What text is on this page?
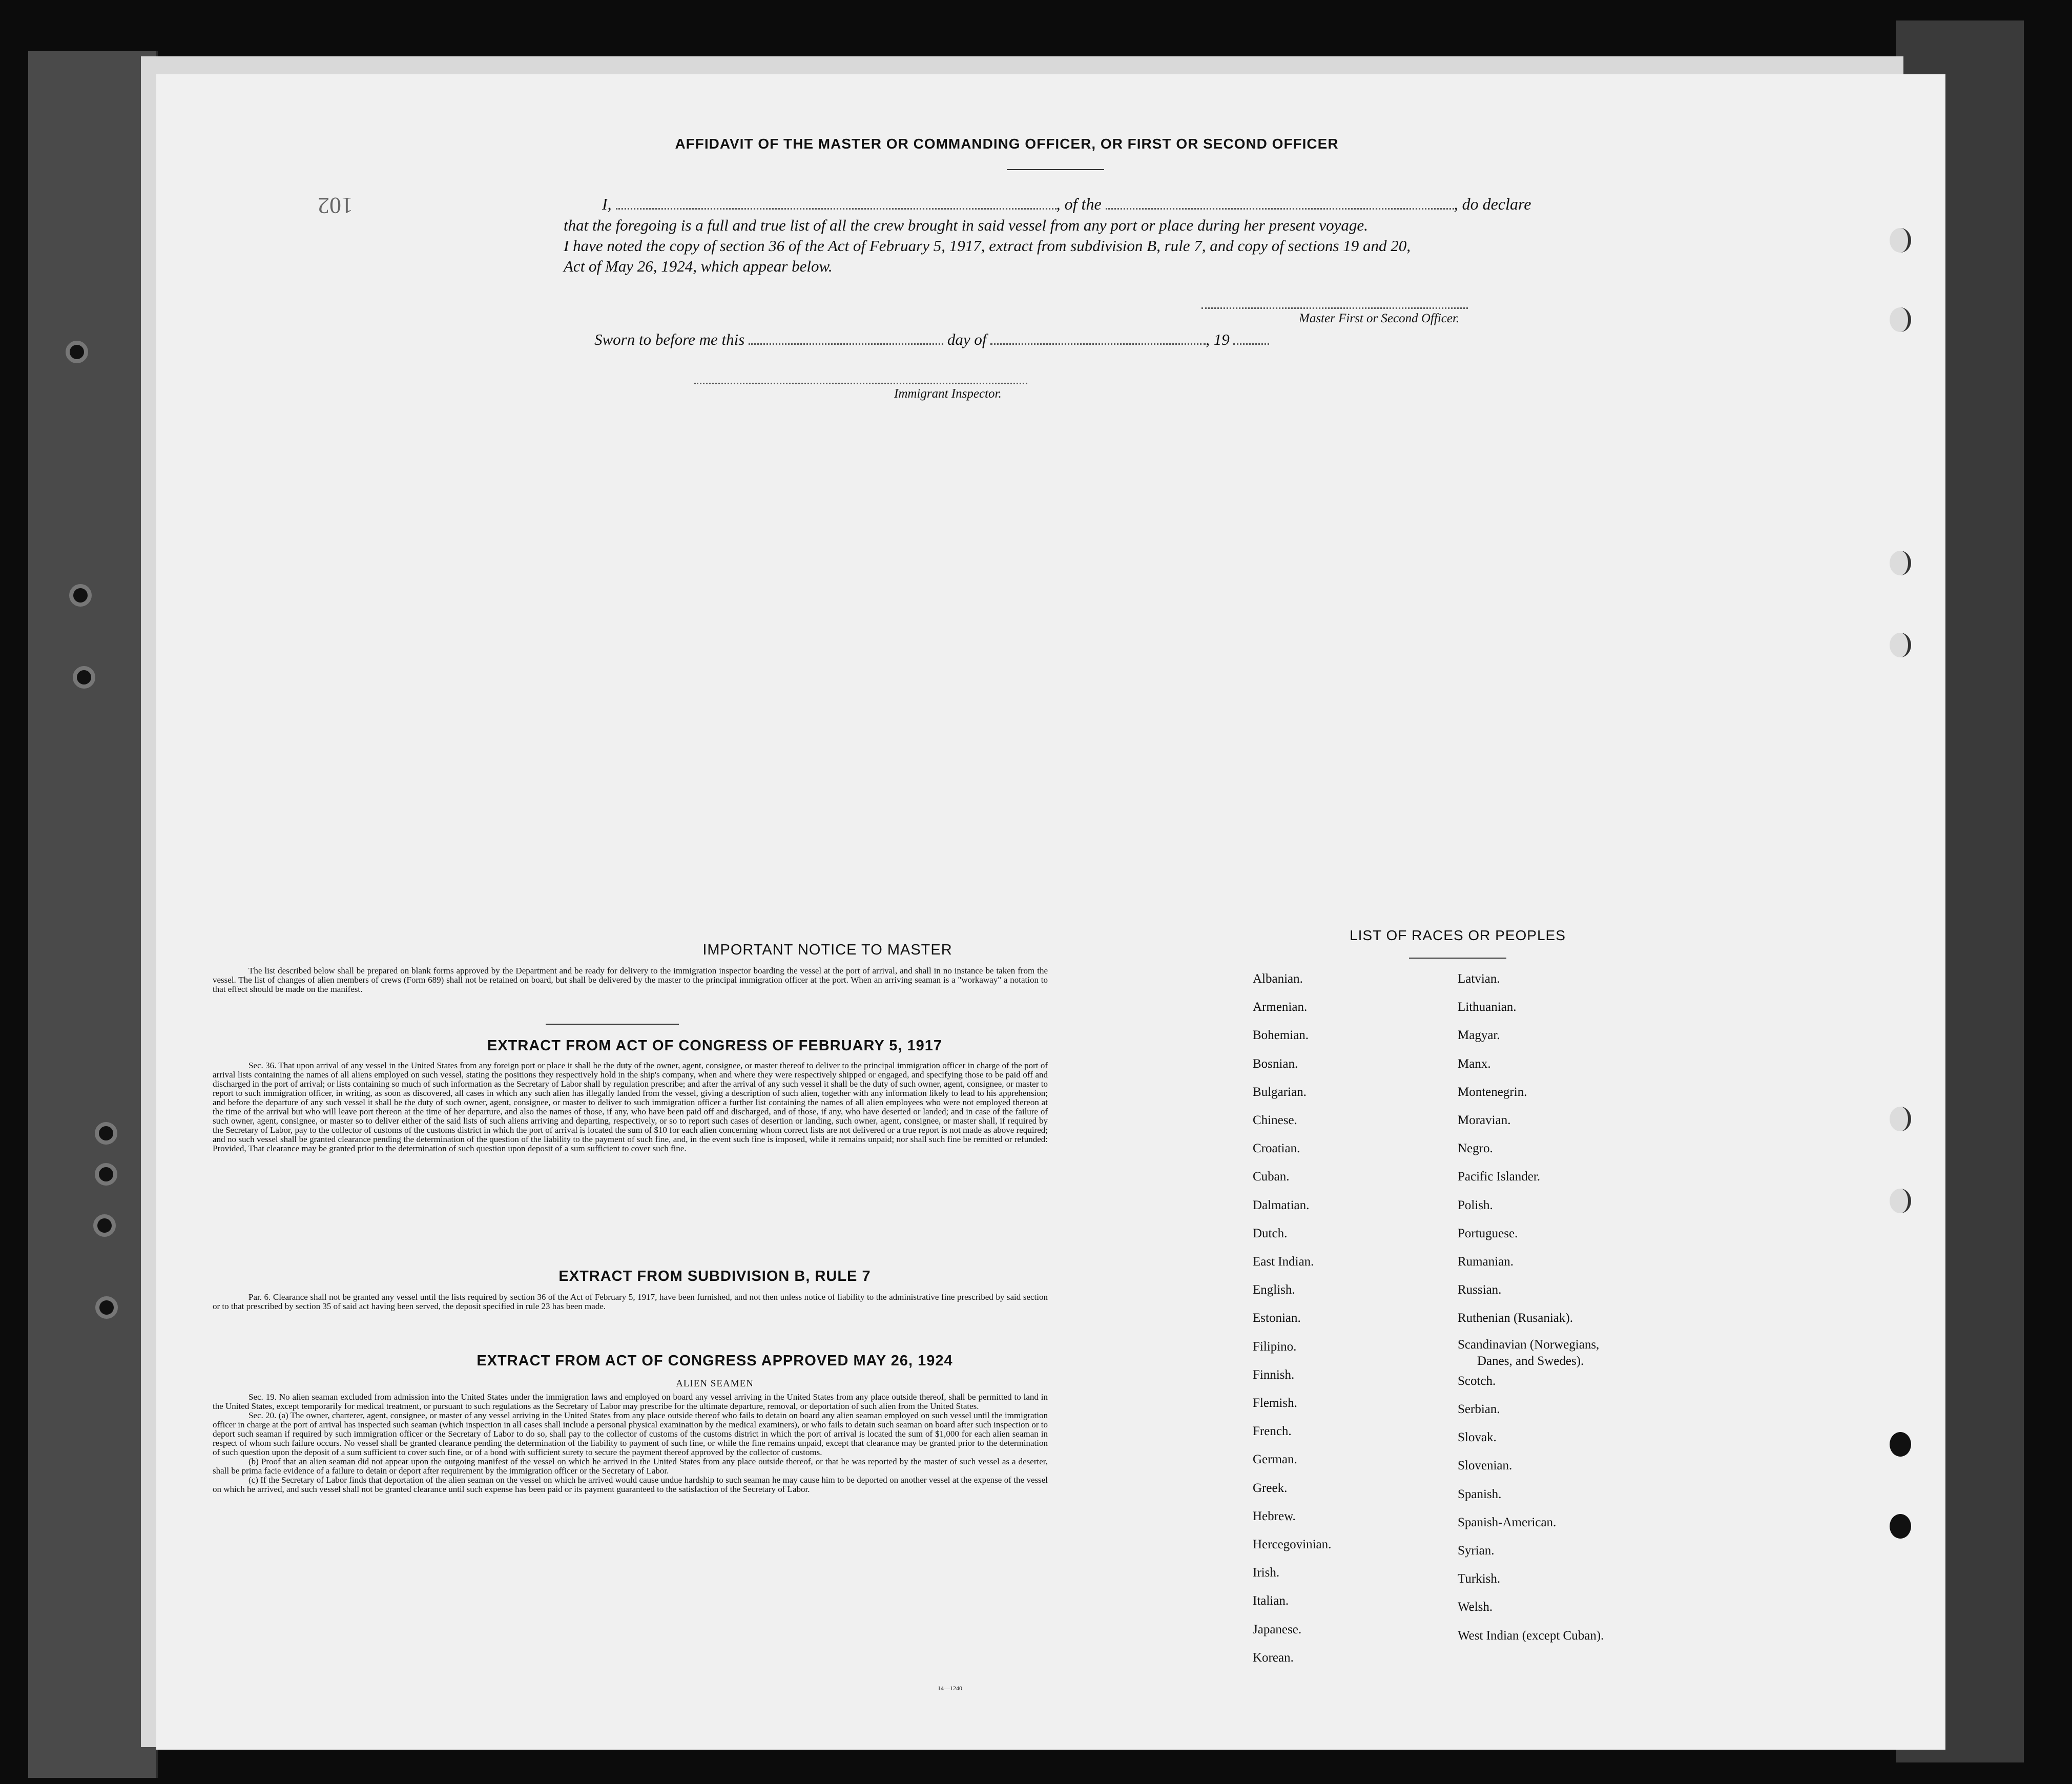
102
AFFIDAVIT OF THE MASTER OR COMMANDING OFFICER, OR FIRST OR SECOND OFFICER
I,	, of the	, do declare
that the foregoing is a full and true list of all the crew brought in said vessel from any port or place during her present voyage.
I have noted the copy of section 36 of the Act of February 5, 1917, extract from subdivision B, rule 7, and copy of sections 19 and 20,
Act of May 26, 1924, which appear below.
Master First or Second Officer.
Sworn to before me this	day of	, 19
Immigrant Inspector.
IMPORTANT NOTICE TO MASTER
The list described below shall be prepared on blank forms approved by the Department and be ready for delivery to the immigration inspector boarding the vessel at the port of arrival, and shall in no instance be taken from the vessel. The list of changes of alien members of crews (Form 689) shall not be retained on board, but shall be delivered by the master to the principal immigration officer at the port. When an arriving seaman is a "workaway" a notation to that effect should be made on the manifest.
EXTRACT FROM ACT OF CONGRESS OF FEBRUARY 5, 1917
Sec. 36. That upon arrival of any vessel in the United States from any foreign port or place it shall be the duty of the owner, agent, consignee, or master thereof to deliver to the principal immigration officer in charge of the port of arrival lists containing the names of all aliens employed on such vessel, stating the positions they respectively hold in the ship's company, when and where they were respectively shipped or engaged, and specifying those to be paid off and discharged in the port of arrival; or lists containing so much of such information as the Secretary of Labor shall by regulation prescribe; and after the arrival of any such vessel it shall be the duty of such owner, agent, consignee, or master to report to such immigration officer, in writing, as soon as discovered, all cases in which any such alien has illegally landed from the vessel, giving a description of such alien, together with any information likely to lead to his apprehension; and before the departure of any such vessel it shall be the duty of such owner, agent, consignee, or master to deliver to such immigration officer a further list containing the names of all alien employees who were not employed thereon at the time of the arrival but who will leave port thereon at the time of her departure, and also the names of those, if any, who have been paid off and discharged, and of those, if any, who have deserted or landed; and in case of the failure of such owner, agent, consignee, or master so to deliver either of the said lists of such aliens arriving and departing, respectively, or so to report such cases of desertion or landing, such owner, agent, consignee, or master shall, if required by the Secretary of Labor, pay to the collector of customs of the customs district in which the port of arrival is located the sum of $10 for each alien concerning whom correct lists are not delivered or a true report is not made as above required; and no such vessel shall be granted clearance pending the determination of the question of the liability to the payment of such fine, and, in the event such fine is imposed, while it remains unpaid; nor shall such fine be remitted or refunded: Provided, That clearance may be granted prior to the determination of such question upon deposit of a sum sufficient to cover such fine.
EXTRACT FROM SUBDIVISION B, RULE 7
Par. 6. Clearance shall not be granted any vessel until the lists required by section 36 of the Act of February 5, 1917, have been furnished, and not then unless notice of liability to the administrative fine prescribed by said section or to that prescribed by section 35 of said act having been served, the deposit specified in rule 23 has been made.
EXTRACT FROM ACT OF CONGRESS APPROVED MAY 26, 1924
ALIEN SEAMEN
Sec. 19. No alien seaman excluded from admission into the United States under the immigration laws and employed on board any vessel arriving in the United States from any place outside thereof, shall be permitted to land in the United States, except temporarily for medical treatment, or pursuant to such regulations as the Secretary of Labor may prescribe for the ultimate departure, removal, or deportation of such alien from the United States.
Sec. 20. (a) The owner, charterer, agent, consignee, or master of any vessel arriving in the United States from any place outside thereof who fails to detain on board any alien seaman employed on such vessel until the immigration officer in charge at the port of arrival has inspected such seaman (which inspection in all cases shall include a personal physical examination by the medical examiners), or who fails to detain such seaman on board after such inspection or to deport such seaman if required by such immigration officer or the Secretary of Labor to do so, shall pay to the collector of customs of the customs district in which the port of arrival is located the sum of $1,000 for each alien seaman in respect of whom such failure occurs. No vessel shall be granted clearance pending the determination of the liability to payment of such fine, or while the fine remains unpaid, except that clearance may be granted prior to the determination of such question upon the deposit of a sum sufficient to cover such fine, or of a bond with sufficient surety to secure the payment thereof approved by the collector of customs.
(b) Proof that an alien seaman did not appear upon the outgoing manifest of the vessel on which he arrived in the United States from any place outside thereof, or that he was reported by the master of such vessel as a deserter, shall be prima facie evidence of a failure to detain or deport after requirement by the immigration officer or the Secretary of Labor.
(c) If the Secretary of Labor finds that deportation of the alien seaman on the vessel on which he arrived would cause undue hardship to such seaman he may cause him to be deported on another vessel at the expense of the vessel on which he arrived, and such vessel shall not be granted clearance until such expense has been paid or its payment guaranteed to the satisfaction of the Secretary of Labor.
14—1240
LIST OF RACES OR PEOPLES
Albanian.
Armenian.
Bohemian.
Bosnian.
Bulgarian.
Chinese.
Croatian.
Cuban.
Dalmatian.
Dutch.
East Indian.
English.
Estonian.
Filipino.
Finnish.
Flemish.
French.
German.
Greek.
Hebrew.
Hercegovinian.
Irish.
Italian.
Japanese.
Korean.
Latvian.
Lithuanian.
Magyar.
Manx.
Montenegrin.
Moravian.
Negro.
Pacific Islander.
Polish.
Portuguese.
Rumanian.
Russian.
Ruthenian (Rusaniak).
Scandinavian (Norwegians,
Danes, and Swedes).
Scotch.
Serbian.
Slovak.
Slovenian.
Spanish.
Spanish-American.
Syrian.
Turkish.
Welsh.
West Indian (except Cuban).
